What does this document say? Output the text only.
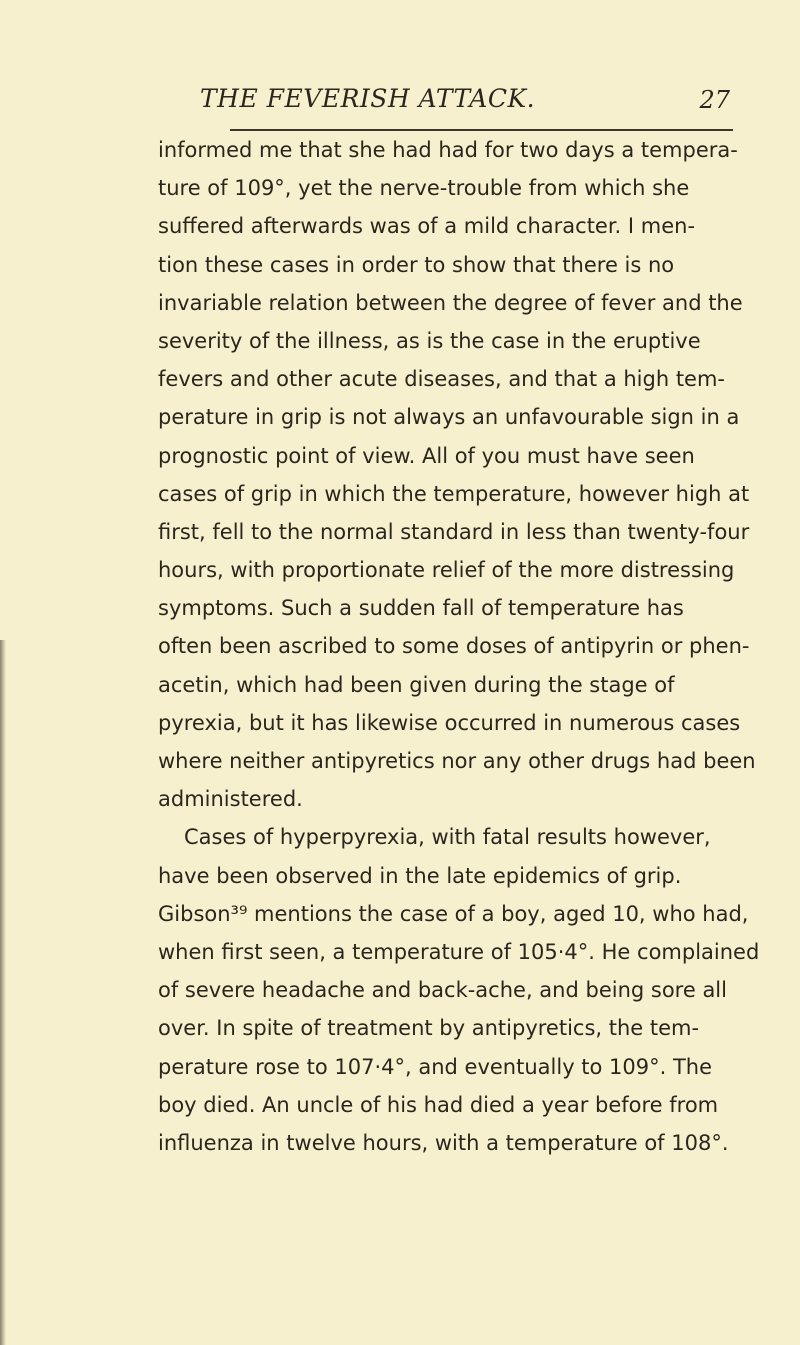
THE FEVERISH ATTACK.	27
informed me that she had had for two days a tempera-
ture of 109°, yet the nerve-trouble from which she
suffered afterwards was of a mild character. I men-
tion these cases in order to show that there is no
invariable relation between the degree of fever and the
severity of the illness, as is the case in the eruptive
fevers and other acute diseases, and that a high tem-
perature in grip is not always an unfavourable sign in a
prognostic point of view. All of you must have seen
cases of grip in which the temperature, however high at
first, fell to the normal standard in less than twenty-four
hours, with proportionate relief of the more distressing
symptoms. Such a sudden fall of temperature has
often been ascribed to some doses of antipyrin or phen-
acetin, which had been given during the stage of
pyrexia, but it has likewise occurred in numerous cases
where neither antipyretics nor any other drugs had been
administered.
Cases of hyperpyrexia, with fatal results however,
have been observed in the late epidemics of grip.
Gibson³⁹ mentions the case of a boy, aged 10, who had,
when first seen, a temperature of 105·4°. He complained
of severe headache and back-ache, and being sore all
over. In spite of treatment by antipyretics, the tem-
perature rose to 107·4°, and eventually to 109°. The
boy died. An uncle of his had died a year before from
influenza in twelve hours, with a temperature of 108°.
